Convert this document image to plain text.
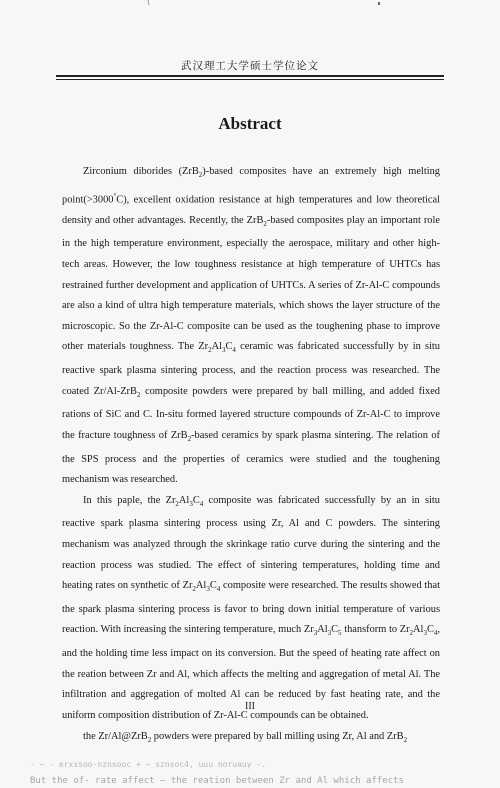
武汉理工大学硕士学位论文
Abstract

Zirconium diborides (ZrB$_2$)-based composites have an extremely high melting point(>3000°C), excellent oxidation resistance at high temperatures and low theoretical density and other advantages. Recently, the ZrB$_2$-based composites play an important role in the high temperature environment, especially the aerospace, military and other high-tech areas. However, the low toughness resistance at high temperature of UHTCs has restrained further development and application of UHTCs. A series of Zr-Al-C compounds are also a kind of ultra high temperature materials, which shows the layer structure of the microscopic. So the Zr-Al-C composite can be used as the toughening phase to improve other materials toughness. The $Zr_2Al_3C_4$ ceramic was fabricated successfully by in situ reactive spark plasma sintering process, and the reaction process was researched. The coated Zr/Al-ZrB$_2$ composite powders were prepared by ball milling, and added fixed rations of SiC and C. In-situ formed layered structure compounds of Zr-Al-C to improve the fracture toughness of ZrB$_2$-based ceramics by spark plasma sintering. The relation of the SPS process and the properties of ceramics were studied and the toughening mechanism was researched.

In this paple, the $Zr_2Al_3C_4$ composite was fabricated successfully by an in situ reactive spark plasma sintering process using Zr, Al and C powders. The sintering mechanism was analyzed through the skrinkage ratio curve during the sintering and the reaction process was studied. The effect of sintering temperatures, holding time and heating rates on synthetic of $Zr_2Al_3C_4$ composite were researched. The results showed that the spark plasma sintering process is favor to bring down initial temperature of various reaction. With increasing the sintering temperature, much $Zr_3Al_3C_5$ thansform to $Zr_2Al_3C_4$, and the holding time less impact on its conversion. But the speed of heating rate affect on the reation between Zr and Al, which affects the melting and aggregation of metal Al. The infiltration and aggregation of molted Al can be reduced by fast heating rate, and the uniform composition distribution of Zr-Al-C compounds can be obtained.

the Zr/Al@ZrB$_2$ powders were prepared by ball milling using Zr, Al and ZrB$_2$

III
- ~ - erxssoo-nznsooc + ~ sznsoc4, uuu noruauy -.
But the of- rate affect — the reation between Zr and Al which affects
